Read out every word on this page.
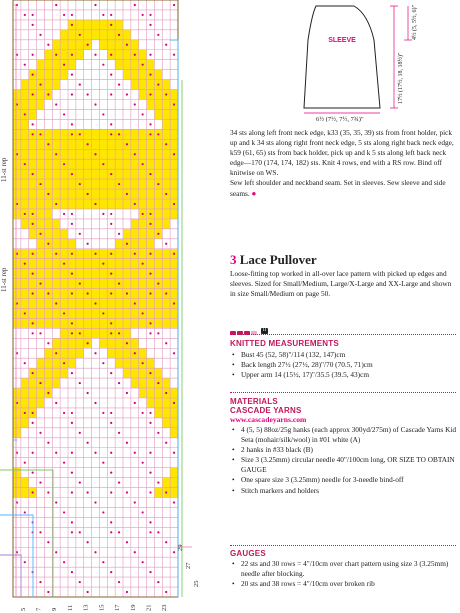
5 7 9 11 13 15 17 19 21 23
29
27
25
11-st rep
11-st rep
SLEEVE
17½ (17½, 18, 18½)"
4½ (5, 5½, 6)"
6½ (7½, 7½, 7¾)"

34 sts along left front neck edge, k33 (35, 35, 39) sts from front holder, pick up and k 34 sts along right front neck edge, 5 sts along right back neck edge, k59 (61, 65) sts from back holder, pick up and k 5 sts along left back neck edge—170 (174, 174, 182) sts. Knit 4 rows, end with a RS row. Bind off knitwise on WS.

Sew left shoulder and neckband seam. Set in sleeves. Sew sleeve and side seams. ●

3 Lace Pullover

Loose-fitting top worked in all-over lace pattern with picked up edges and sleeves. Sized for Small/Medium, Large/X-Large and XX-Large and shown in size Small/Medium on page 50.

II
KNITTED MEASUREMENTS
• Bust 45 (52, 58)"/114 (132, 147)cm
• Back length 27½ (27½, 28)"/70 (70.5, 71)cm
• Upper arm 14 (15½, 17)"/35.5 (39.5, 43)cm
MATERIALS
CASCADE YARNS
www.cascadeyarns.com
• 4 (5, 5) 88oz/25g hanks (each approx 300yd/275m) of Cascade Yarns Kid Seta (mohair/silk/wool) in #01 white (A)
• 2 hanks in #33 black (B)
• Size 3 (3.25mm) circular needle 40"/100cm long, OR SIZE TO OBTAIN GAUGE
• One spare size 3 (3.25mm) needle for 3-needle bind-off
• Stitch markers and holders
GAUGES
• 22 sts and 30 rows = 4"/10cm over chart pattern using size 3 (3.25mm) needle after blocking.
• 20 sts and 38 rows = 4"/10cm over broken rib
